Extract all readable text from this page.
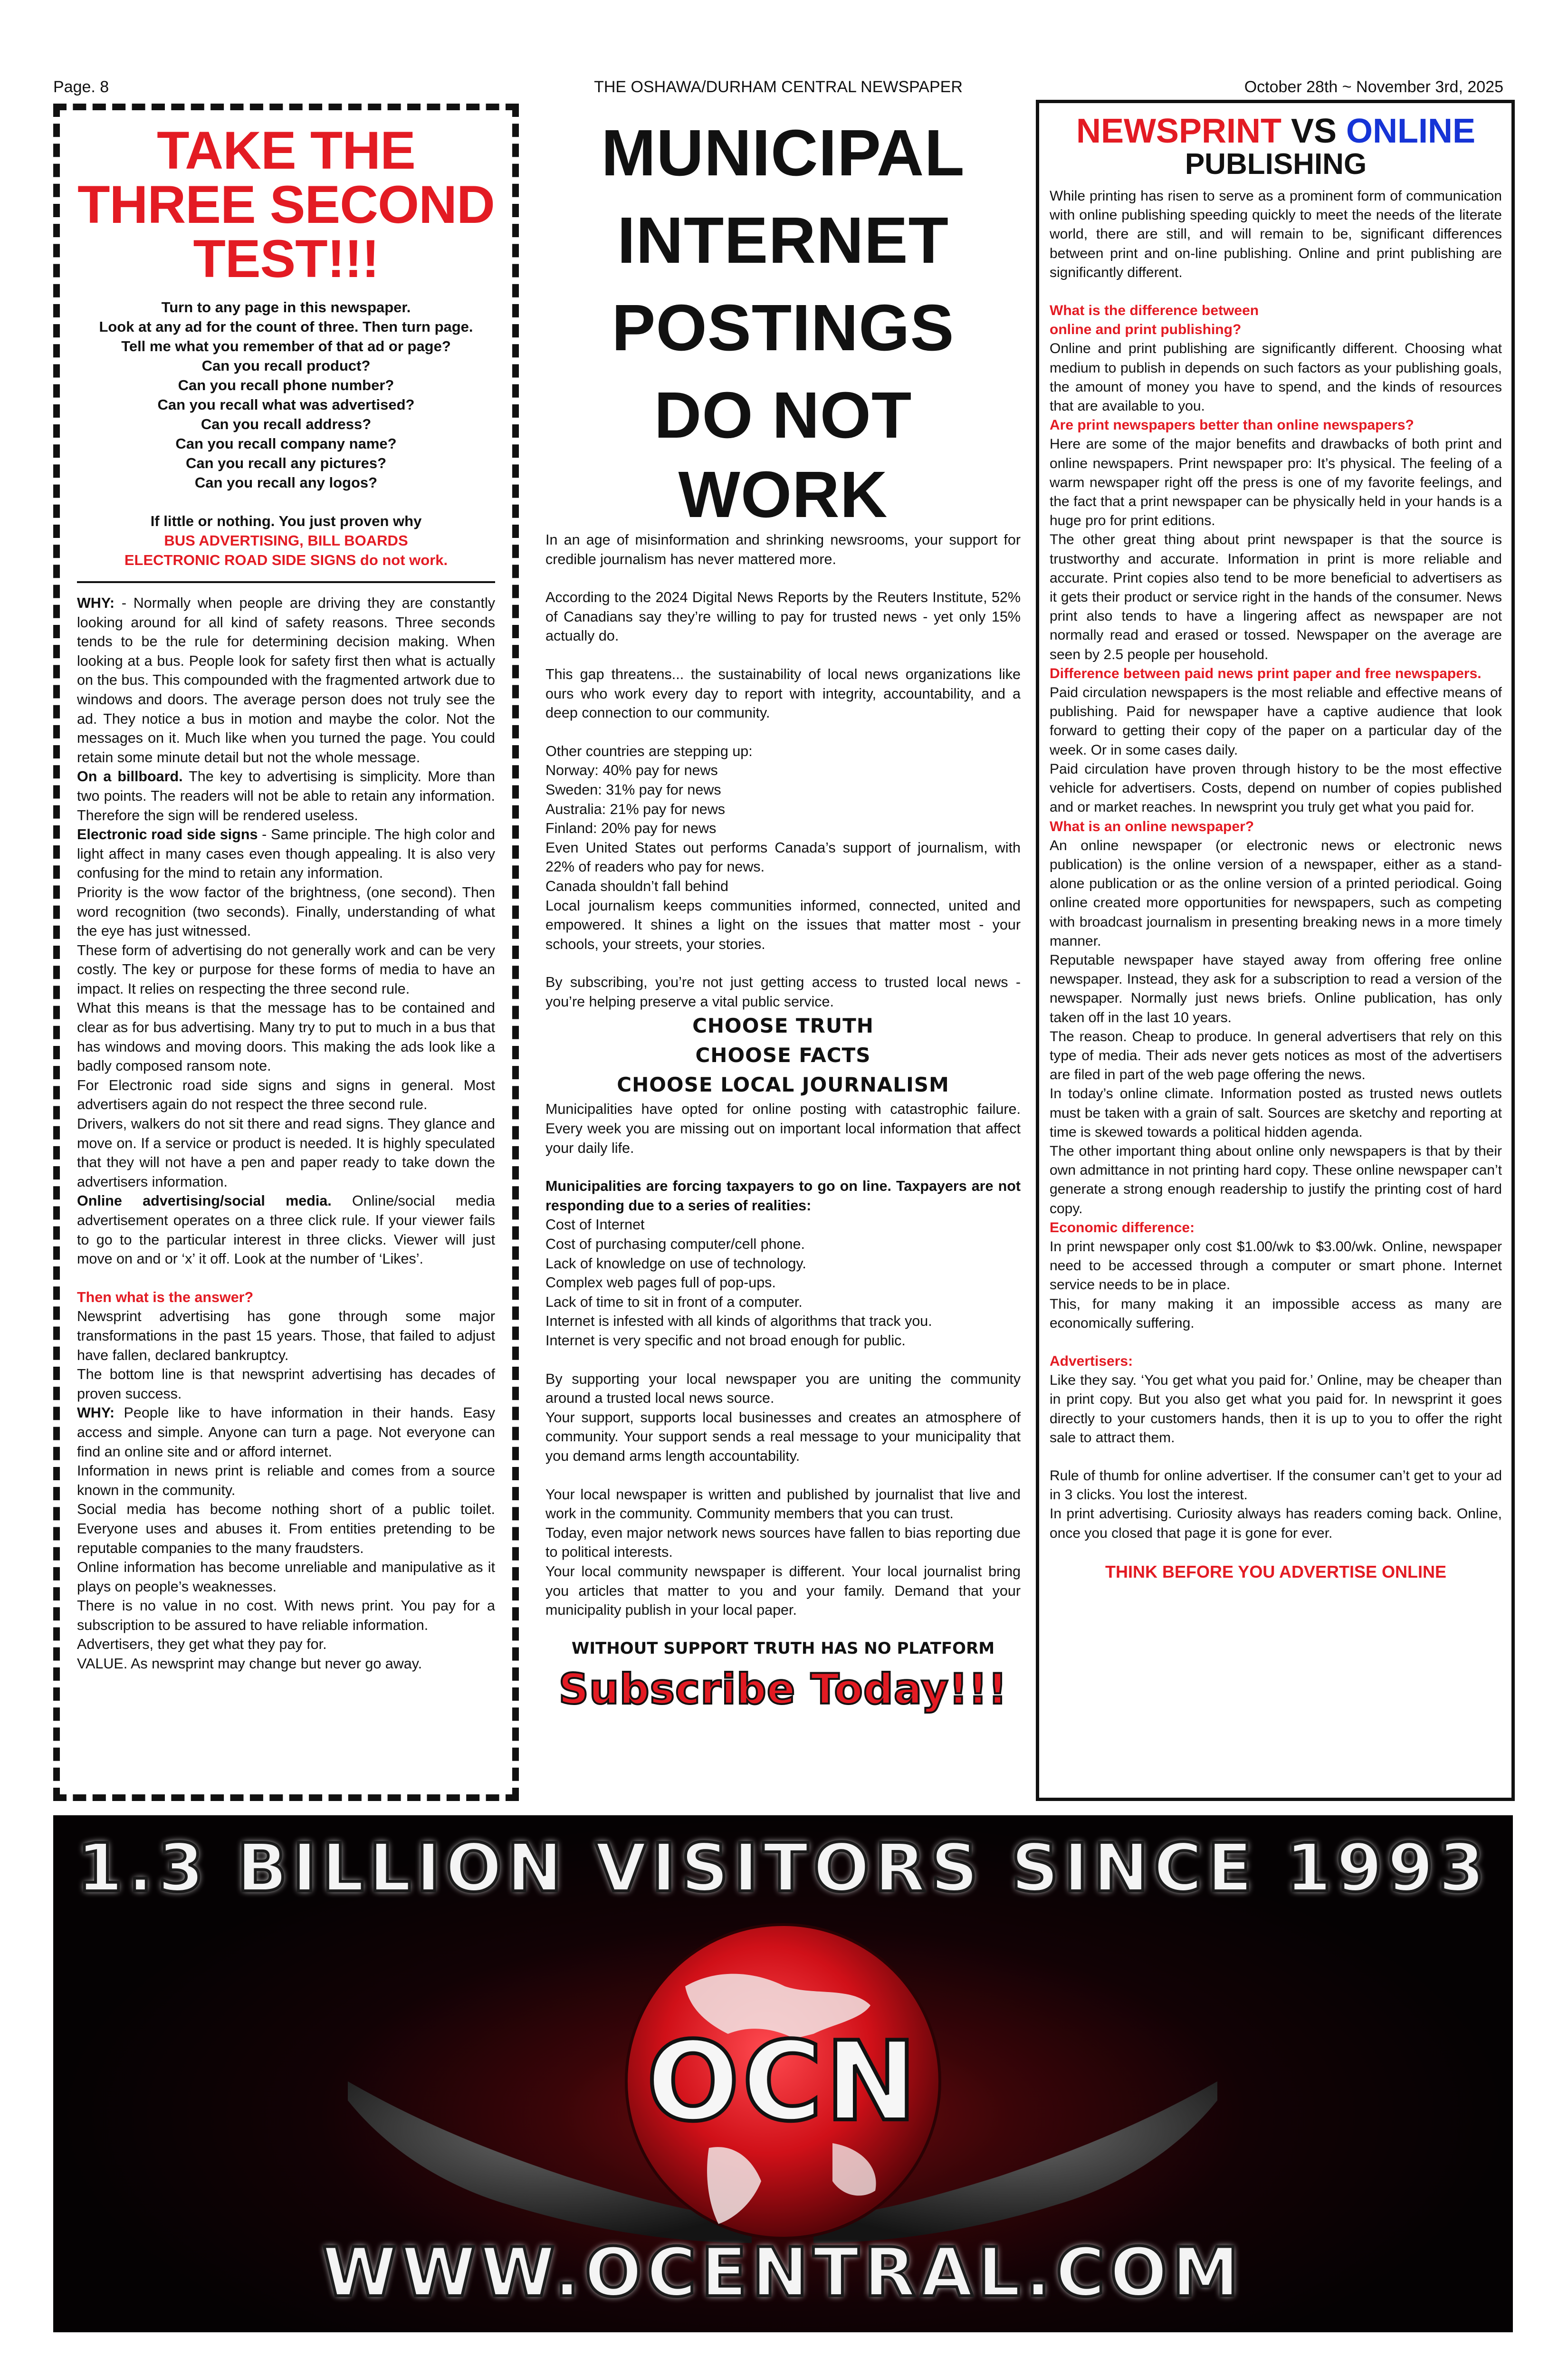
Page. 8	THE OSHAWA/DURHAM CENTRAL NEWSPAPER	October 28th ~ November 3rd, 2025
TAKE THE
THREE SECOND
TEST!!!
Turn to any page in this newspaper.
Look at any ad for the count of three. Then turn page.
Tell me what you remember of that ad or page?
Can you recall product?
Can you recall phone number?
Can you recall what was advertised?
Can you recall address?
Can you recall company name?
Can you recall any pictures?
Can you recall any logos?
If little or nothing. You just proven why
BUS ADVERTISING, BILL BOARDS
ELECTRONIC ROAD SIDE SIGNS do not work.

WHY: - Normally when people are driving they are constantly looking around for all kind of safety reasons. Three seconds tends to be the rule for determining decision making. When looking at a bus. People look for safety first then what is actually on the bus. This compounded with the fragmented artwork due to windows and doors. The average person does not truly see the ad. They notice a bus in motion and maybe the color. Not the messages on it. Much like when you turned the page. You could retain some minute detail but not the whole message.

On a billboard. The key to advertising is simplicity. More than two points. The readers will not be able to retain any information. Therefore the sign will be rendered useless.

Electronic road side signs - Same principle. The high color and light affect in many cases even though appealing. It is also very confusing for the mind to retain any information.

Priority is the wow factor of the brightness, (one second). Then word recognition (two seconds). Finally, understanding of what the eye has just witnessed.

These form of advertising do not generally work and can be very costly. The key or purpose for these forms of media to have an impact. It relies on respecting the three second rule.

What this means is that the message has to be contained and clear as for bus advertising. Many try to put to much in a bus that has windows and moving doors. This making the ads look like a badly composed ransom note.

For Electronic road side signs and signs in general. Most advertisers again do not respect the three second rule.

Drivers, walkers do not sit there and read signs. They glance and move on. If a service or product is needed. It is highly speculated that they will not have a pen and paper ready to take down the advertisers information.

Online advertising/social media. Online/social media advertisement operates on a three click rule. If your viewer fails to go to the particular interest in three clicks. Viewer will just move on and or ‘x’ it off. Look at the number of ‘Likes’.

Then what is the answer?

Newsprint advertising has gone through some major transformations in the past 15 years. Those, that failed to adjust have fallen, declared bankruptcy.

The bottom line is that newsprint advertising has decades of proven success.

WHY: People like to have information in their hands. Easy access and simple. Anyone can turn a page. Not everyone can find an online site and or afford internet.

Information in news print is reliable and comes from a source known in the community.

Social media has become nothing short of a public toilet. Everyone uses and abuses it. From entities pretending to be reputable companies to the many fraudsters.

Online information has become unreliable and manipulative as it plays on people’s weaknesses.

There is no value in no cost. With news print. You pay for a subscription to be assured to have reliable information.

Advertisers, they get what they pay for.

VALUE. As newsprint may change but never go away.

MUNICIPAL
INTERNET
POSTINGS
DO NOT
WORK

In an age of misinformation and shrinking newsrooms, your support for credible journalism has never mattered more.

According to the 2024 Digital News Reports by the Reuters Institute, 52% of Canadians say they’re willing to pay for trusted news - yet only 15% actually do.

This gap threatens... the sustainability of local news organizations like ours who work every day to report with integrity, accountability, and a deep connection to our community.

Other countries are stepping up:

Norway: 40% pay for news

Sweden: 31% pay for news

Australia: 21% pay for news

Finland: 20% pay for news

Even United States out performs Canada’s support of journalism, with 22% of readers who pay for news.

Canada shouldn’t fall behind

Local journalism keeps communities informed, connected, united and empowered. It shines a light on the issues that matter most - your schools, your streets, your stories.

By subscribing, you’re not just getting access to trusted local news - you’re helping preserve a vital public service.

CHOOSE TRUTH
CHOOSE FACTS
CHOOSE LOCAL JOURNALISM

Municipalities have opted for online posting with catastrophic failure. Every week you are missing out on important local information that affect your daily life.

Municipalities are forcing taxpayers to go on line. Taxpayers are not responding due to a series of realities:

Cost of Internet

Cost of purchasing computer/cell phone.

Lack of knowledge on use of technology.

Complex web pages full of pop-ups.

Lack of time to sit in front of a computer.

Internet is infested with all kinds of algorithms that track you.

Internet is very specific and not broad enough for public.

By supporting your local newspaper you are uniting the community around a trusted local news source.

Your support, supports local businesses and creates an atmosphere of community. Your support sends a real message to your municipality that you demand arms length accountability.

Your local newspaper is written and published by journalist that live and work in the community. Community members that you can trust.

Today, even major network news sources have fallen to bias reporting due to political interests.

Your local community newspaper is different. Your local journalist bring you articles that matter to you and your family. Demand that your municipality publish in your local paper.

WITHOUT SUPPORT TRUTH HAS NO PLATFORM
Subscribe Today!!!
NEWSPRINT VS ONLINE
PUBLISHING

While printing has risen to serve as a prominent form of communication with online publishing speeding quickly to meet the needs of the literate world, there are still, and will remain to be, significant differences between print and on-line publishing. Online and print publishing are significantly different.

What is the difference between

online and print publishing?

Online and print publishing are significantly different. Choosing what medium to publish in depends on such factors as your publishing goals, the amount of money you have to spend, and the kinds of resources that are available to you.

Are print newspapers better than online newspapers?

Here are some of the major benefits and drawbacks of both print and online newspapers. Print newspaper pro: It’s physical. The feeling of a warm newspaper right off the press is one of my favorite feelings, and the fact that a print newspaper can be physically held in your hands is a huge pro for print editions.

The other great thing about print newspaper is that the source is trustworthy and accurate. Information in print is more reliable and accurate. Print copies also tend to be more beneficial to advertisers as it gets their product or service right in the hands of the consumer. News print also tends to have a lingering affect as newspaper are not normally read and erased or tossed. Newspaper on the average are seen by 2.5 people per household.

Difference between paid news print paper and free newspapers.

Paid circulation newspapers is the most reliable and effective means of publishing. Paid for newspaper have a captive audience that look forward to getting their copy of the paper on a particular day of the week. Or in some cases daily.

Paid circulation have proven through history to be the most effective vehicle for advertisers. Costs, depend on number of copies published and or market reaches. In newsprint you truly get what you paid for.

What is an online newspaper?

An online newspaper (or electronic news or electronic news publication) is the online version of a newspaper, either as a stand-alone publication or as the online version of a printed periodical. Going online created more opportunities for newspapers, such as competing with broadcast journalism in presenting breaking news in a more timely manner.

Reputable newspaper have stayed away from offering free online newspaper. Instead, they ask for a subscription to read a version of the newspaper. Normally just news briefs. Online publication, has only taken off in the last 10 years.

The reason. Cheap to produce. In general advertisers that rely on this type of media. Their ads never gets notices as most of the advertisers are filed in part of the web page offering the news.

In today’s online climate. Information posted as trusted news outlets must be taken with a grain of salt. Sources are sketchy and reporting at time is skewed towards a political hidden agenda.

The other important thing about online only newspapers is that by their own admittance in not printing hard copy. These online newspaper can’t generate a strong enough readership to justify the printing cost of hard copy.

Economic difference:

In print newspaper only cost $1.00/wk to $3.00/wk. Online, newspaper need to be accessed through a computer or smart phone. Internet service needs to be in place.

This, for many making it an impossible access as many are economically suffering.

Advertisers:

Like they say. ‘You get what you paid for.’ Online, may be cheaper than in print copy. But you also get what you paid for. In newsprint it goes directly to your customers hands, then it is up to you to offer the right sale to attract them.

Rule of thumb for online advertiser. If the consumer can’t get to your ad in 3 clicks. You lost the interest.

In print advertising. Curiosity always has readers coming back. Online, once you closed that page it is gone for ever.

THINK BEFORE YOU ADVERTISE ONLINE
OCN
1.3 BILLION VISITORS SINCE 1993
WWW.OCENTRAL.COM
